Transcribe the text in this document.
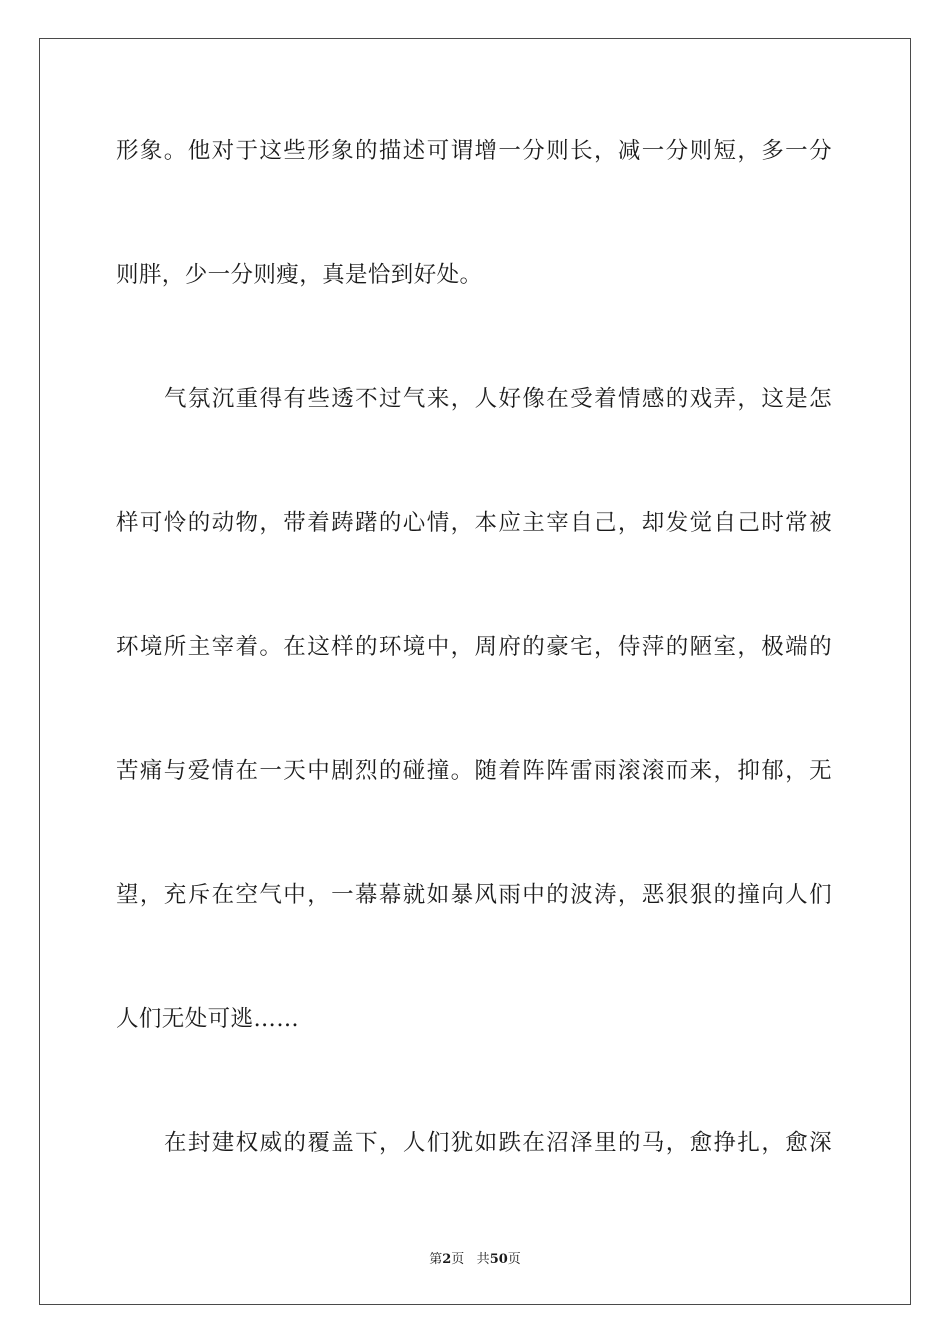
形象。他对于这些形象的描述可谓增一分则长，减一分则短，多一分
则胖，少一分则瘦，真是恰到好处。
气氛沉重得有些透不过气来，人好像在受着情感的戏弄，这是怎
样可怜的动物，带着踌躇的心情，本应主宰自己，却发觉自己时常被
环境所主宰着。在这样的环境中，周府的豪宅，侍萍的陋室，极端的
苦痛与爱情在一天中剧烈的碰撞。随着阵阵雷雨滚滚而来，抑郁，无
望，充斥在空气中，一幕幕就如暴风雨中的波涛，恶狠狠的撞向人们
人们无处可逃……
在封建权威的覆盖下，人们犹如跌在沼泽里的马，愈挣扎，愈深
第2页 共50页
